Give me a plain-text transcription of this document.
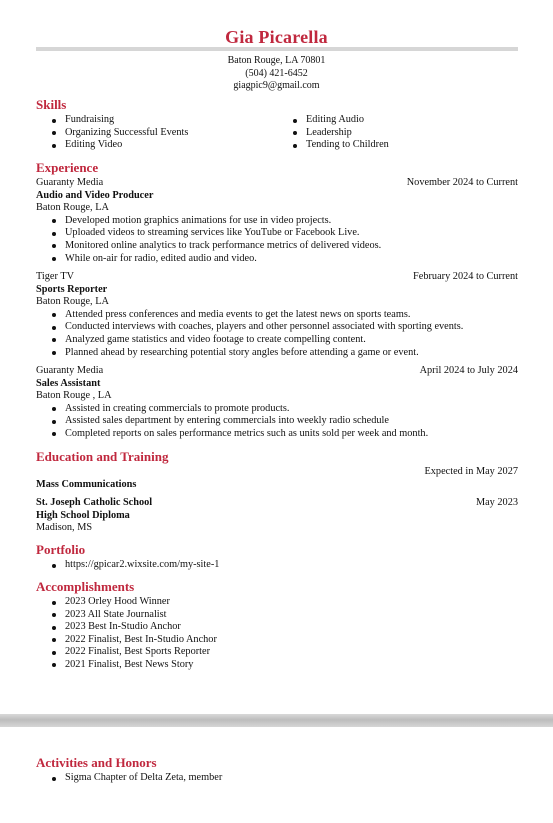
Gia Picarella
Baton Rouge, LA 70801
(504) 421-6452
giagpic9@gmail.com
Skills
Fundraising
Organizing Successful Events
Editing Video
Editing Audio
Leadership
Tending to Children
Experience
Guaranty Media	November 2024 to Current
Audio and Video Producer
Baton Rouge, LA
Developed motion graphics animations for use in video projects.
Uploaded videos to streaming services like YouTube or Facebook Live.
Monitored online analytics to track performance metrics of delivered videos.
While on-air for radio, edited audio and video.
Tiger TV	February 2024 to Current
Sports Reporter
Baton Rouge, LA
Attended press conferences and media events to get the latest news on sports teams.
Conducted interviews with coaches, players and other personnel associated with sporting events.
Analyzed game statistics and video footage to create compelling content.
Planned ahead by researching potential story angles before attending a game or event.
Guaranty Media	April 2024 to July 2024
Sales Assistant
Baton Rouge , LA
Assisted in creating commercials to promote products.
Assisted sales department by entering commercials into weekly radio schedule
Completed reports on sales performance metrics such as units sold per week and month.
Education and Training
Expected in May 2027
Mass Communications
St. Joseph Catholic School	May 2023
High School Diploma
Madison, MS
Portfolio
https://gpicar2.wixsite.com/my-site-1
Accomplishments
2023 Orley Hood Winner
2023 All State Journalist
2023 Best In-Studio Anchor
2022 Finalist, Best In-Studio Anchor
2022 Finalist, Best Sports Reporter
2021 Finalist, Best News Story
Activities and Honors
Sigma Chapter of Delta Zeta, member
